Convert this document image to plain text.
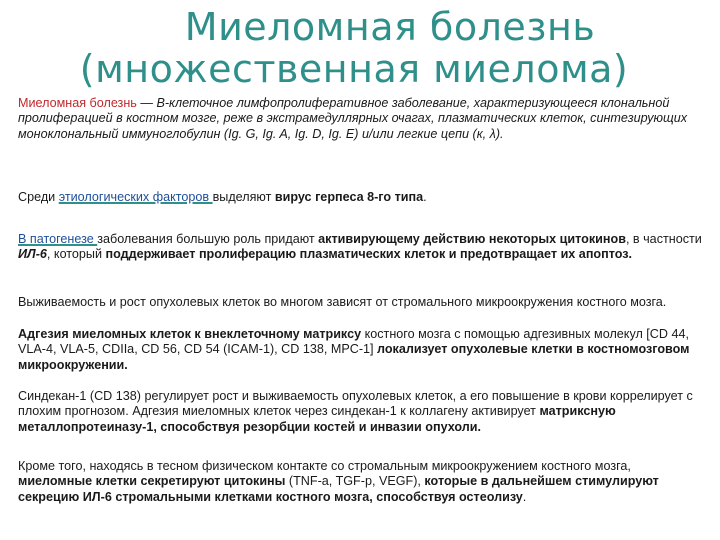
Миеломная болезнь
(множественная миелома)

Миеломная болезнь — В-клеточное лимфопролиферативное заболевание, характеризующееся клональной пролиферацией в костном мозге, реже в экстрамедуллярных очагах, плазматических клеток, синтезирующих моноклональный иммуноглобулин (Ig. G, Ig. A, Ig. D, Ig. E) и/или легкие цепи (к, λ).

Среди этиологических факторов выделяют вирус герпеса 8-го типа.

В патогенезе заболевания большую роль придают активирующему действию некоторых цитокинов, в частности ИЛ-6, который поддерживает пролиферацию плазматических клеток и предотвращает их апоптоз.

Выживаемость и рост опухолевых клеток во многом зависят от стромального микроокружения костного мозга.

Адгезия миеломных клеток к внеклеточному матриксу костного мозга с помощью адгезивных молекул [CD 44, VLA-4, VLA-5, CDIIa, CD 56, CD 54 (ICAM-1), CD 138, MPC-1] локализует опухолевые клетки в костномозговом микроокружении.

Синдекан-1 (CD 138) регулирует рост и выживаемость опухолевых клеток, а его повышение в крови коррелирует с плохим прогнозом. Адгезия миеломных клеток через синдекан-1 к коллагену активирует матриксную металлопротеиназу-1, способствуя резорбции костей и инвазии опухоли.

Кроме того, находясь в тесном физическом контакте со стромальным микроокружением костного мозга, миеломные клетки секретируют цитокины (TNF-a, TGF-p, VEGF), которые в дальнейшем стимулируют секрецию ИЛ-6 стромальными клетками костного мозга, способствуя остеолизу.
